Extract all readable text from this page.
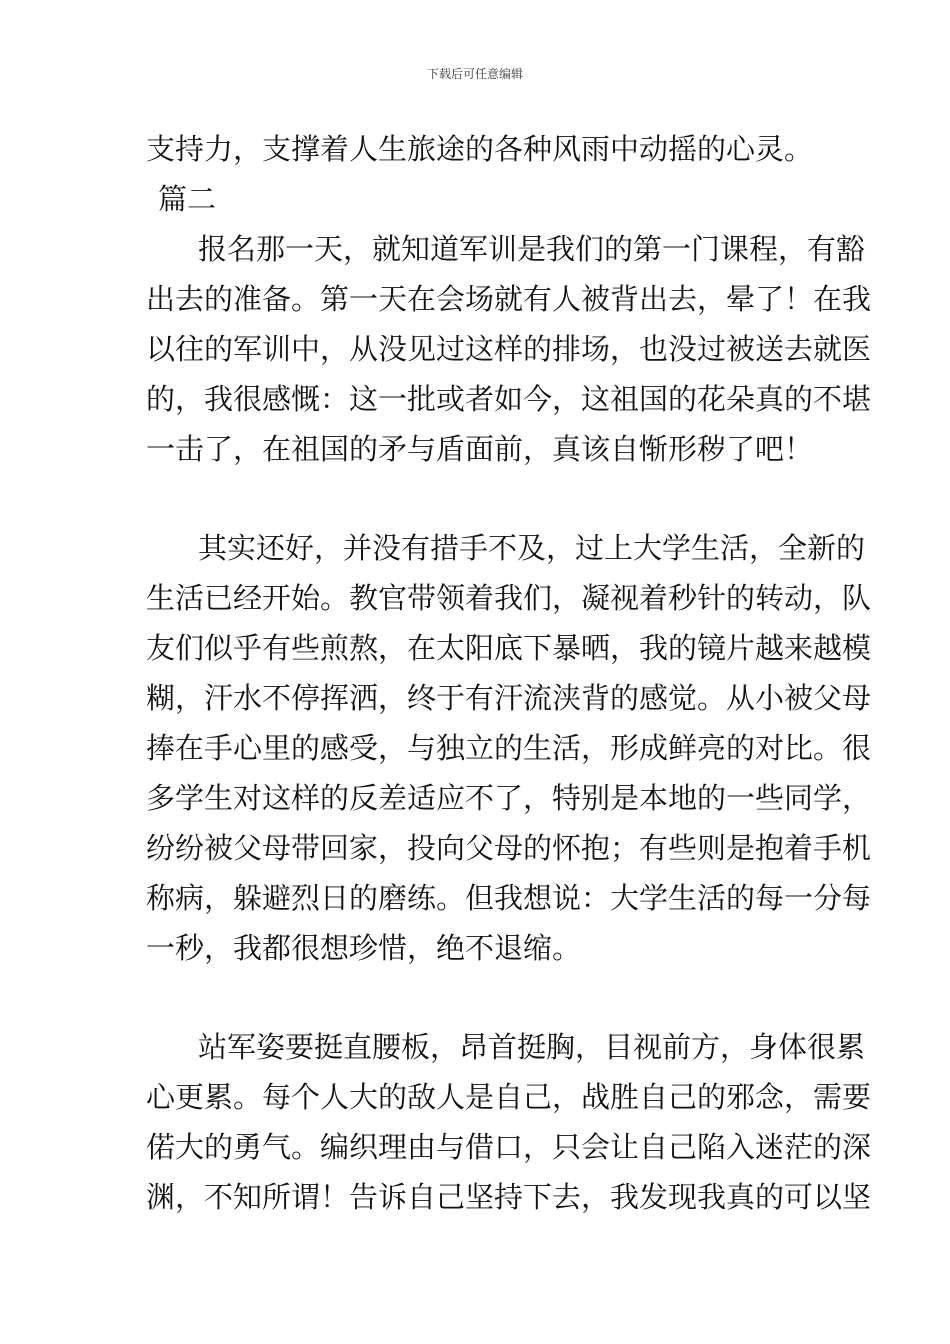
下载后可任意编辑
支持力，支撑着人生旅途的各种风雨中动摇的心灵。
篇二
报名那一天，就知道军训是我们的第一门课程，有豁
出去的准备。第一天在会场就有人被背出去，晕了！在我
以往的军训中，从没见过这样的排场，也没过被送去就医
的，我很感慨：这一批或者如今，这祖国的花朵真的不堪
一击了，在祖国的矛与盾面前，真该自惭形秽了吧！
其实还好，并没有措手不及，过上大学生活，全新的
生活已经开始。教官带领着我们，凝视着秒针的转动，队
友们似乎有些煎熬，在太阳底下暴晒，我的镜片越来越模
糊，汗水不停挥洒，终于有汗流浃背的感觉。从小被父母
捧在手心里的感受，与独立的生活，形成鲜亮的对比。很
多学生对这样的反差适应不了，特别是本地的一些同学，
纷纷被父母带回家，投向父母的怀抱；有些则是抱着手机
称病，躲避烈日的磨练。但我想说：大学生活的每一分每
一秒，我都很想珍惜，绝不退缩。
站军姿要挺直腰板，昂首挺胸，目视前方，身体很累
心更累。每个人大的敌人是自己，战胜自己的邪念，需要
偌大的勇气。编织理由与借口，只会让自己陷入迷茫的深
渊，不知所谓！告诉自己坚持下去，我发现我真的可以坚
